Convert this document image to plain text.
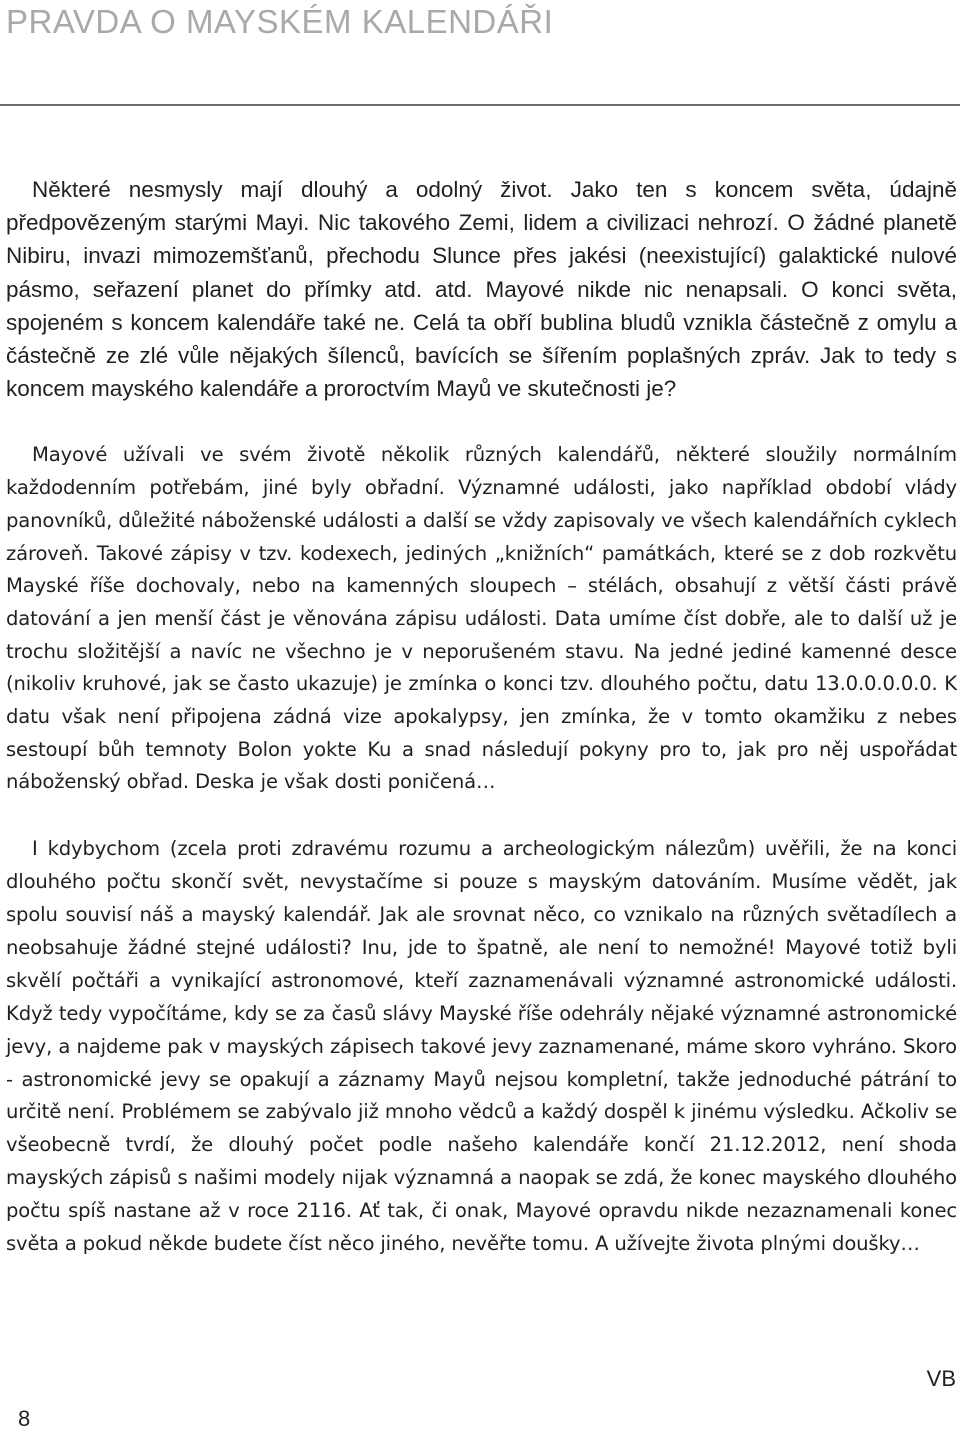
PRAVDA O MAYSKÉM KALENDÁŘI

Některé nesmysly mají dlouhý a odolný život. Jako ten s koncem světa, údajně předpovězeným starými Mayi. Nic takového Zemi, lidem a civilizaci nehrozí. O žádné planetě Nibiru, invazi mimozemšťanů, přechodu Slunce přes jakési (neexistující) galaktické nulové pásmo, seřazení planet do přímky atd. atd. Mayové nikde nic nenapsali. O konci světa, spojeném s koncem kalendáře také ne. Celá ta obří bublina bludů vznikla částečně z omylu a částečně ze zlé vůle nějakých šílenců, bavících se šířením poplašných zpráv. Jak to tedy s koncem mayského kalendáře a proroctvím Mayů ve skutečnosti je?

Mayové užívali ve svém životě několik různých kalendářů, některé sloužily normálním každodenním potřebám, jiné byly obřadní. Významné události, jako například období vlády panovníků, důležité náboženské události a další se vždy zapisovaly ve všech kalendářních cyklech zároveň. Takové zápisy v tzv. kodexech, jediných „knižních“ památkách, které se z dob rozkvětu Mayské říše dochovaly, nebo na kamenných sloupech – stélách, obsahují z větší části právě datování a jen menší část je věnována zápisu události. Data umíme číst dobře, ale to další už je trochu složitější a navíc ne všechno je v neporušeném stavu. Na jedné jediné kamenné desce (nikoliv kruhové, jak se často ukazuje) je zmínka o konci tzv. dlouhého počtu, datu 13.0.0.0.0.0. K datu však není připojena zádná vize apokalypsy, jen zmínka, že v tomto okamžiku z nebes sestoupí bůh temnoty Bolon yokte Ku a snad následují pokyny pro to, jak pro něj uspořádat náboženský obřad. Deska je však dosti poničená…

I kdybychom (zcela proti zdravému rozumu a archeologickým nálezům) uvěřili, že na konci dlouhého počtu skončí svět, nevystačíme si pouze s mayským datováním. Musíme vědět, jak spolu souvisí náš a mayský kalendář. Jak ale srovnat něco, co vznikalo na různých světadílech a neobsahuje žádné stejné události? Inu, jde to špatně, ale není to nemožné! Mayové totiž byli skvělí počtáři a vynikající astronomové, kteří zaznamenávali významné astronomické události. Když tedy vypočítáme, kdy se za časů slávy Mayské říše odehrály nějaké významné astronomické jevy, a najdeme pak v mayských zápisech takové jevy zaznamenané, máme skoro vyhráno. Skoro - astronomické jevy se opakují a záznamy Mayů nejsou kompletní, takže jednoduché pátrání to určitě není. Problémem se zabývalo již mnoho vědců a každý dospěl k jinému výsledku. Ačkoliv se všeobecně tvrdí, že dlouhý počet podle našeho kalendáře končí 21.12.2012, není shoda mayských zápisů s našimi modely nijak významná a naopak se zdá, že konec mayského dlouhého počtu spíš nastane až v roce 2116. Ať tak, či onak, Mayové opravdu nikde nezaznamenali konec světa a pokud někde budete číst něco jiného, nevěřte tomu. A užívejte života plnými doušky…

VB
8
